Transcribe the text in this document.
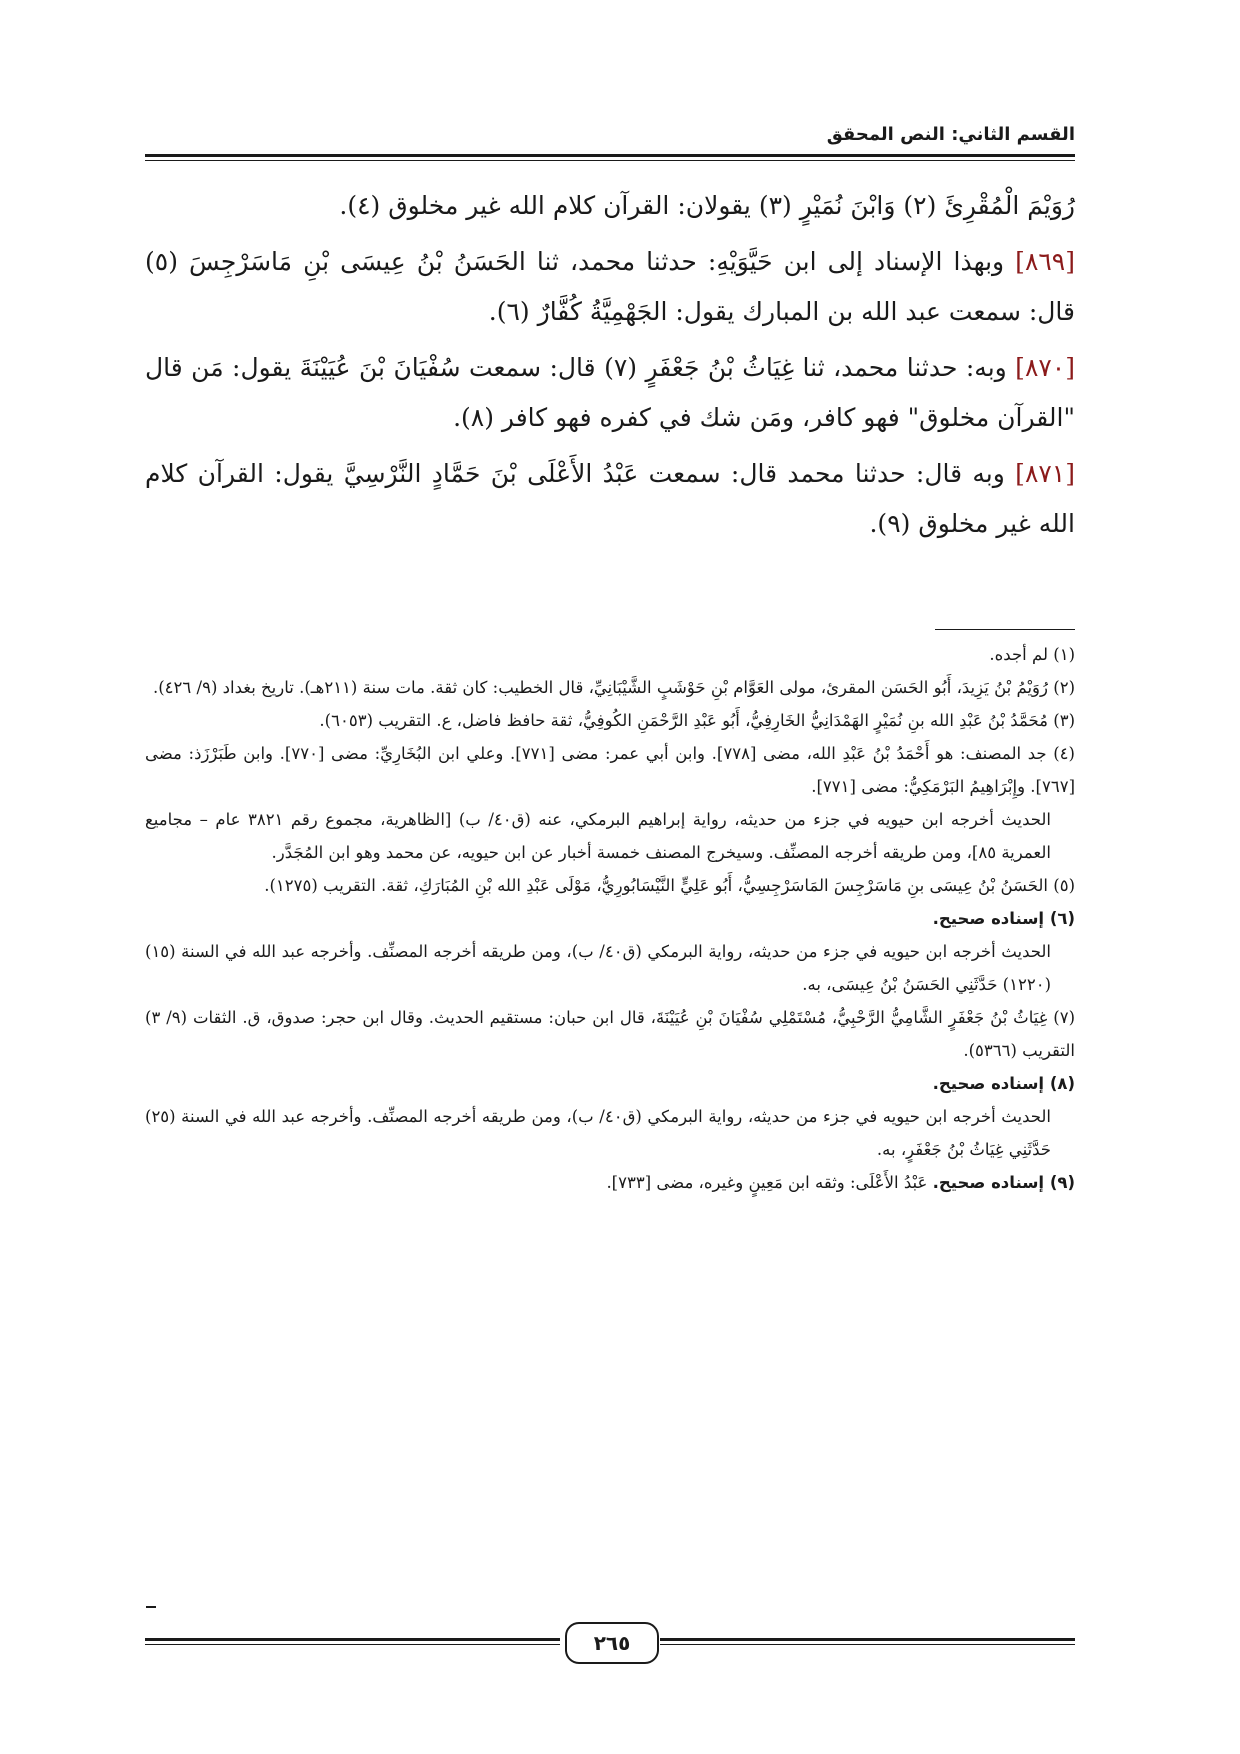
القسم الثاني: النص المحقق

رُوَيْمَ الْمُقْرِئَ (٢) وَابْنَ نُمَيْرٍ (٣) يقولان: القرآن كلام الله غير مخلوق (٤).

[٨٦٩] وبهذا الإسناد إلى ابن حَيَّوَيْهِ: حدثنا محمد، ثنا الحَسَنُ بْنُ عِيسَى بْنِ مَاسَرْجِسَ (٥) قال: سمعت عبد الله بن المبارك يقول: الجَهْمِيَّةُ كُفَّارٌ (٦).

[٨٧٠] وبه: حدثنا محمد، ثنا غِيَاثُ بْنُ جَعْفَرٍ (٧) قال: سمعت سُفْيَانَ بْنَ عُيَيْنَةَ يقول: مَن قال "القرآن مخلوق" فهو كافر، ومَن شك في كفره فهو كافر (٨).

[٨٧١] وبه قال: حدثنا محمد قال: سمعت عَبْدُ الأَعْلَى بْنَ حَمَّادٍ النَّرْسِيَّ يقول: القرآن كلام الله غير مخلوق (٩).

(١) لم أجده.

(٢) رُوَيْمُ بْنُ يَزِيدَ، أَبُو الحَسَن المقرئ، مولى العَوَّام بْنِ حَوْشَبٍ الشَّيْبَانِيِّ، قال الخطيب: كان ثقة. مات سنة (٢١١هـ). تاريخ بغداد (٩/ ٤٢٦).

(٣) مُحَمَّدُ بْنُ عَبْدِ الله بنِ نُمَيْرٍ الهَمْدَانِيُّ الخَارِفِيُّ، أَبُو عَبْدِ الرَّحْمَنِ الكُوفِيُّ، ثقة حافظ فاضل، ع. التقريب (٦٠٥٣).

(٤) جد المصنف: هو أَحْمَدُ بْنُ عَبْدِ الله، مضى [٧٧٨]. وابن أبي عمر: مضى [٧٧١]. وعلي ابن البُخَارِيِّ: مضى [٧٧٠]. وابن طَبَرْزَذ: مضى [٧٦٧]. وإِبْرَاهِيمُ البَرْمَكِيُّ: مضى [٧٧١].

الحديث أخرجه ابن حيويه في جزء من حديثه، رواية إبراهيم البرمكي، عنه (ق٤٠/ ب) [الظاهرية، مجموع رقم ٣٨٢١ عام – مجاميع العمرية ٨٥]، ومن طريقه أخرجه المصنِّف. وسيخرج المصنف خمسة أخبار عن ابن حيويه، عن محمد وهو ابن المُجَدَّر.

(٥) الحَسَنُ بْنُ عِيسَى بنِ مَاسَرْجِسَ المَاسَرْجِسِيُّ، أَبُو عَلِيٍّ النَّيْسَابُورِيُّ، مَوْلَى عَبْدِ الله بْنِ المُبَارَكِ، ثقة. التقريب (١٢٧٥).

(٦) إسناده صحيح.

الحديث أخرجه ابن حيويه في جزء من حديثه، رواية البرمكي (ق٤٠/ ب)، ومن طريقه أخرجه المصنِّف. وأخرجه عبد الله في السنة (١٥) (١٢٢٠) حَدَّثَنِي الحَسَنُ بْنُ عِيسَى، به.

(٧) غِيَاثُ بْنُ جَعْفَرٍ الشَّامِيُّ الرَّحْبِيُّ، مُسْتَمْلِي سُفْيَانَ بْنِ عُيَيْنَةَ، قال ابن حبان: مستقيم الحديث. وقال ابن حجر: صدوق، ق. الثقات (٩/ ٣) التقريب (٥٣٦٦).

(٨) إسناده صحيح.

الحديث أخرجه ابن حيويه في جزء من حديثه، رواية البرمكي (ق٤٠/ ب)، ومن طريقه أخرجه المصنِّف. وأخرجه عبد الله في السنة (٢٥) حَدَّثَنِي غِيَاثُ بْنُ جَعْفَرٍ، به.

(٩) إسناده صحيح. عَبْدُ الأَعْلَى: وثقه ابن مَعِينٍ وغيره، مضى [٧٣٣].

٢٦٥
